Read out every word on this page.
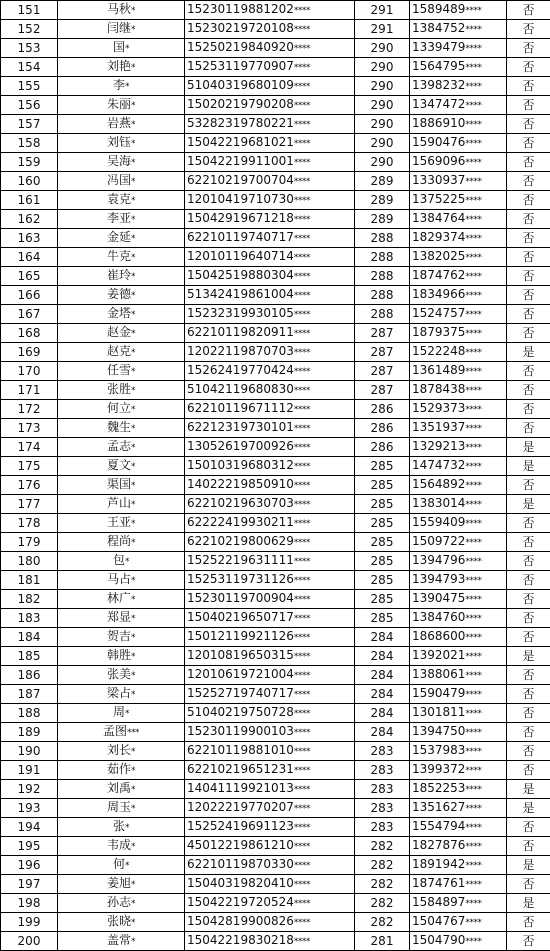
151	马秋*	15230119881202****	291	1589489****	否
152	闫继*	15230219720108****	291	1384752****	否
153	国*	15250219840920****	290	1339479****	否
154	刘艳*	15253119770907****	290	1564795****	否
155	李*	51040319680109****	290	1398232****	否
156	朱丽*	15020219790208****	290	1347472****	否
157	岩燕*	53282319780221****	290	1886910****	否
158	刘钰*	15042219681021****	290	1590476****	否
159	吴海*	15042219911001****	290	1569096****	否
160	冯国*	62210219700704****	289	1330937****	否
161	袁克*	12010419710730****	289	1375225****	否
162	李亚*	15042919671218****	289	1384764****	否
163	金延*	62210119740717****	288	1829374****	否
164	牛克*	12010119640714****	288	1382025****	否
165	崔玲*	15042519880304****	288	1874762****	否
166	姜德*	51342419861004****	288	1834966****	否
167	金塔*	15232319930105****	288	1524757****	否
168	赵金*	62210119820911****	287	1879375****	否
169	赵克*	12022119870703****	287	1522248****	是
170	任雪*	15262419770424****	287	1361489****	否
171	张胜*	51042119680830****	287	1878438****	否
172	何立*	62210119671112****	286	1529373****	否
173	魏生*	62212319730101****	286	1351937****	否
174	孟志*	13052619700926****	286	1329213****	是
175	夏文*	15010319680312****	285	1474732****	是
176	渠国*	14022219850910****	285	1564892****	否
177	芦山*	62210219630703****	285	1383014****	是
178	王亚*	62222419930211****	285	1559409****	否
179	程尚*	62210219800629****	285	1509722****	否
180	包*	15252219631111****	285	1394796****	否
181	马占*	15253119731126****	285	1394793****	否
182	林广*	15230119700904****	285	1390475****	否
183	郑显*	15040219650717****	285	1384760****	否
184	贺吉*	15012119921126****	284	1868600****	否
185	韩胜*	12010819650315****	284	1392021****	是
186	张美*	12010619721004****	284	1388061****	否
187	梁占*	15252719740717****	284	1590479****	否
188	周*	51040219750728****	284	1301811****	否
189	孟图***	15230119900103****	284	1394750****	否
190	刘长*	62210119881010****	283	1537983****	否
191	茹作*	62210219651231****	283	1399372****	否
192	刘禹*	14041119921013****	283	1852253****	是
193	周玉*	12022219770207****	283	1351627****	是
194	张*	15252419691123****	283	1554794****	否
195	韦成*	45012219861210****	282	1827876****	否
196	何*	62210119870330****	282	1891942****	是
197	姜旭*	15040319820410****	282	1874761****	否
198	孙志*	15042219720524****	282	1584897****	是
199	张晓*	15042819900826****	282	1504767****	否
200	盖常*	15042219830218****	281	1504790****	否
